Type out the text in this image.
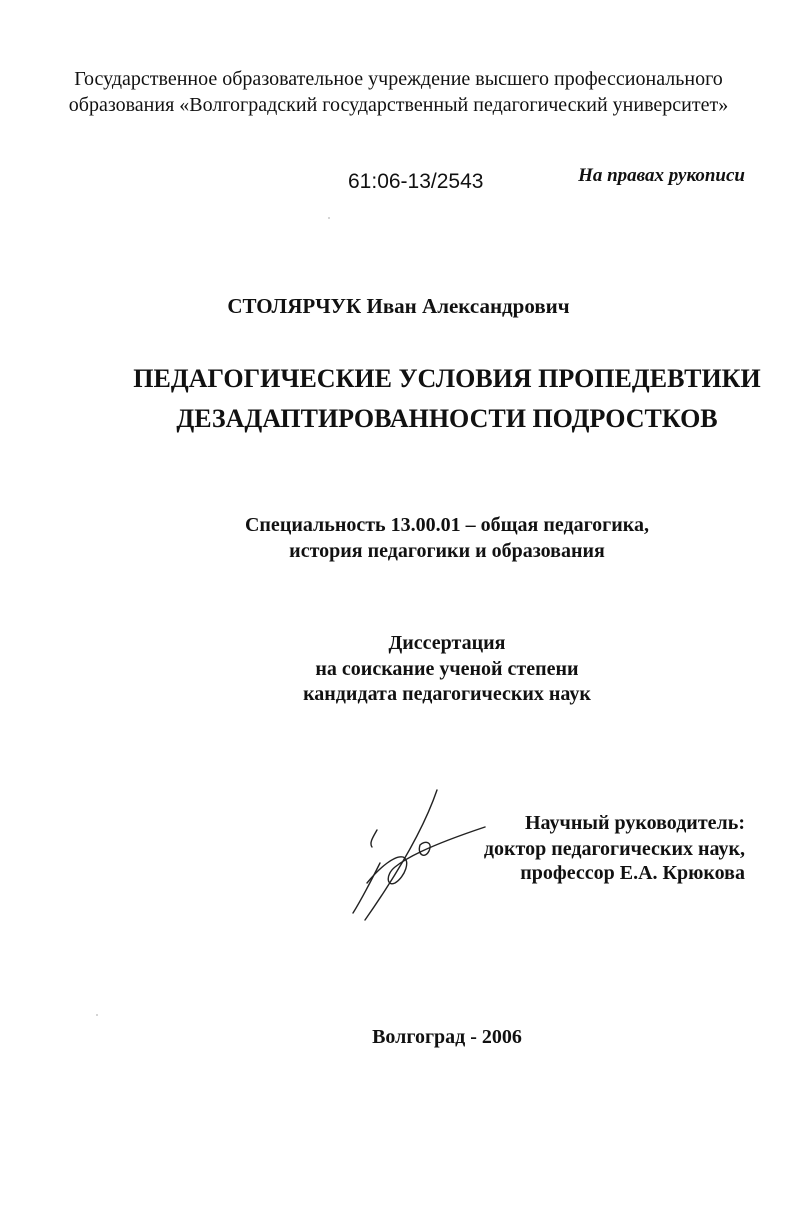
Государственное образовательное учреждение высшего профессионального
образования «Волгоградский государственный педагогический университет»
61:06-13/2543	На правах рукописи
СТОЛЯРЧУК Иван Александрович
ПЕДАГОГИЧЕСКИЕ УСЛОВИЯ ПРОПЕДЕВТИКИ
ДЕЗАДАПТИРОВАННОСТИ ПОДРОСТКОВ
Специальность 13.00.01 – общая педагогика,
история педагогики и образования
Диссертация
на соискание ученой степени
кандидата педагогических наук
Научный руководитель:
доктор педагогических наук,
профессор Е.А. Крюкова
Волгоград - 2006
